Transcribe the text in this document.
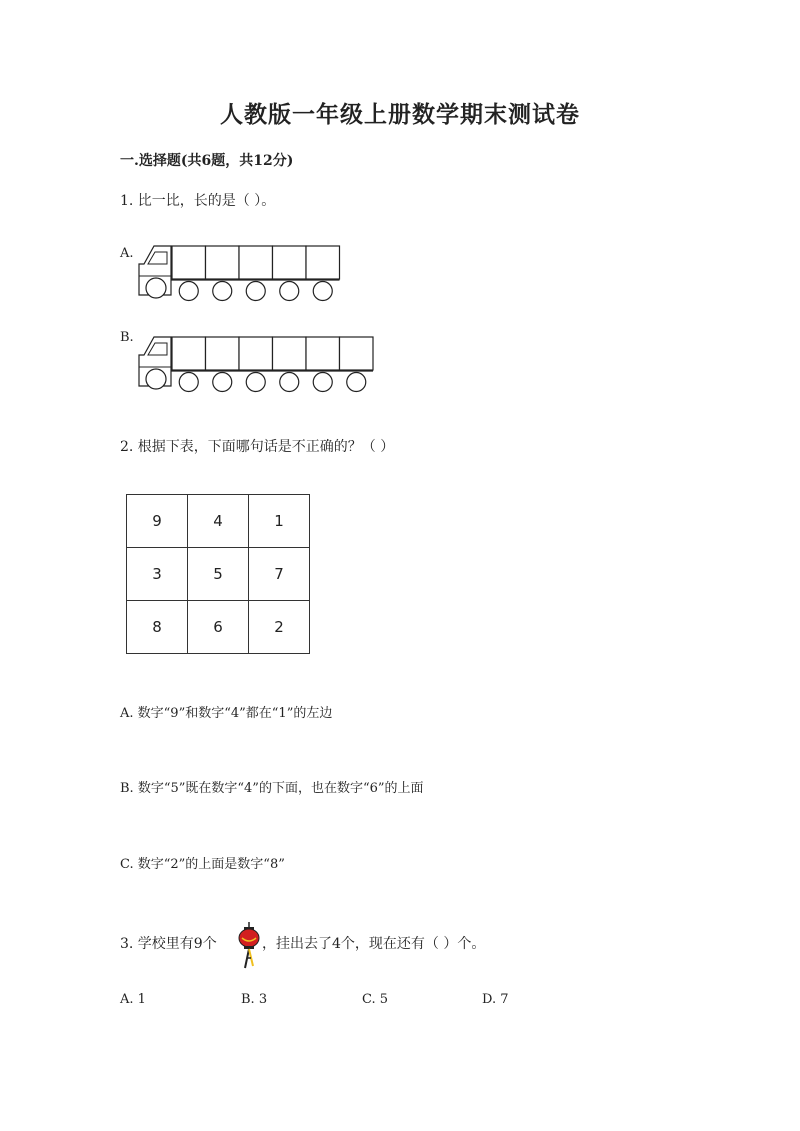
人教版一年级上册数学期末测试卷
一.选择题(共6题，共12分)
1. 比一比，长的是（ ）。
A.
B.
2. 根据下表，下面哪句话是不正确的？（ ）
9	4	1
3	5	7
8	6	2
A. 数字“9”和数字“4”都在“1”的左边
B. 数字“5”既在数字“4”的下面，也在数字“6”的上面
C. 数字“2”的上面是数字“8”
3. 学校里有9个	，挂出去了4个，现在还有（ ）个。
A. 1	B. 3	C. 5	D. 7
